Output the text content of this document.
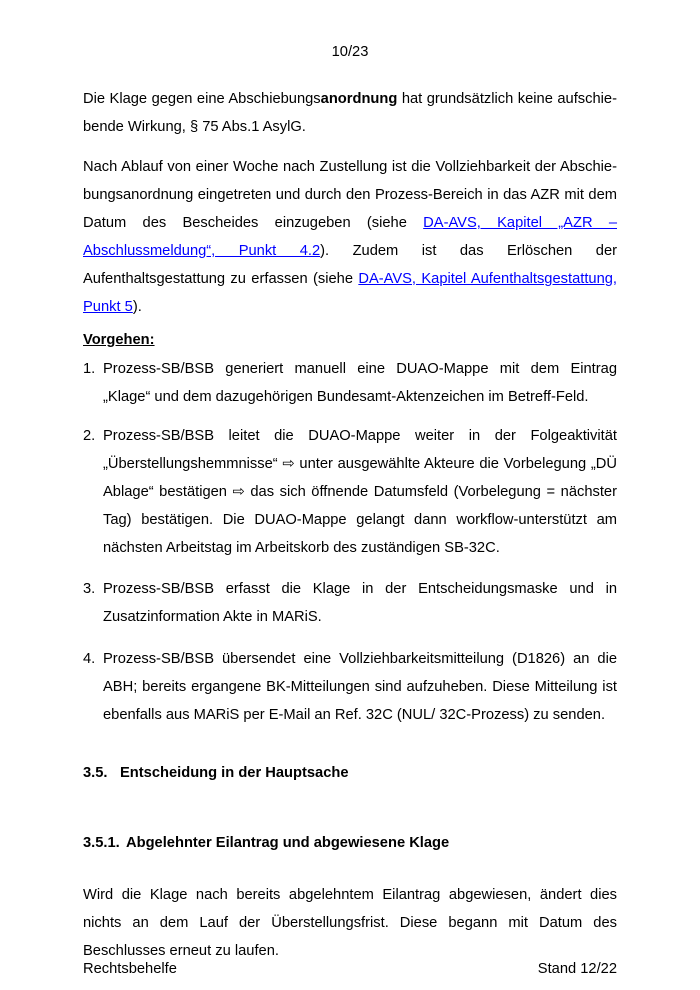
10/23

Die Klage gegen eine Abschiebungsanordnung hat grundsätzlich keine aufschiebende Wirkung, § 75 Abs.1 AsylG.

Nach Ablauf von einer Woche nach Zustellung ist die Vollziehbarkeit der Abschiebungsanordnung eingetreten und durch den Prozess-Bereich in das AZR mit dem Datum des Bescheides einzugeben (siehe DA-AVS, Kapitel „AZR – Abschlussmeldung“, Punkt 4.2). Zudem ist das Erlöschen der Aufenthaltsgestattung zu erfassen (siehe DA-AVS, Kapitel Aufenthaltsgestattung, Punkt 5).

Vorgehen:
1. Prozess-SB/BSB generiert manuell eine DUAO-Mappe mit dem Eintrag „Klage“ und dem dazugehörigen Bundesamt-Aktenzeichen im Betreff-Feld.
2. Prozess-SB/BSB leitet die DUAO-Mappe weiter in der Folgeaktivität „Überstellungshemmnisse“ ⇨ unter ausgewählte Akteure die Vorbelegung „DÜ Ablage“ bestätigen ⇨ das sich öffnende Datumsfeld (Vorbelegung = nächster Tag) bestätigen. Die DUAO-Mappe gelangt dann workflow-unterstützt am nächsten Arbeitstag im Arbeitskorb des zuständigen SB-32C.
3. Prozess-SB/BSB erfasst die Klage in der Entscheidungsmaske und in Zusatzinformation Akte in MARiS.
4. Prozess-SB/BSB übersendet eine Vollziehbarkeitsmitteilung (D1826) an die ABH; bereits ergangene BK-Mitteilungen sind aufzuheben. Diese Mitteilung ist ebenfalls aus MARiS per E-Mail an Ref. 32C (NUL/ 32C-Prozess) zu senden.
3.5. Entscheidung in der Hauptsache
3.5.1. Abgelehnter Eilantrag und abgewiesene Klage

Wird die Klage nach bereits abgelehntem Eilantrag abgewiesen, ändert dies nichts an dem Lauf der Überstellungsfrist. Diese begann mit Datum des Beschlusses erneut zu laufen.

Rechtsbehelfe	Stand 12/22
